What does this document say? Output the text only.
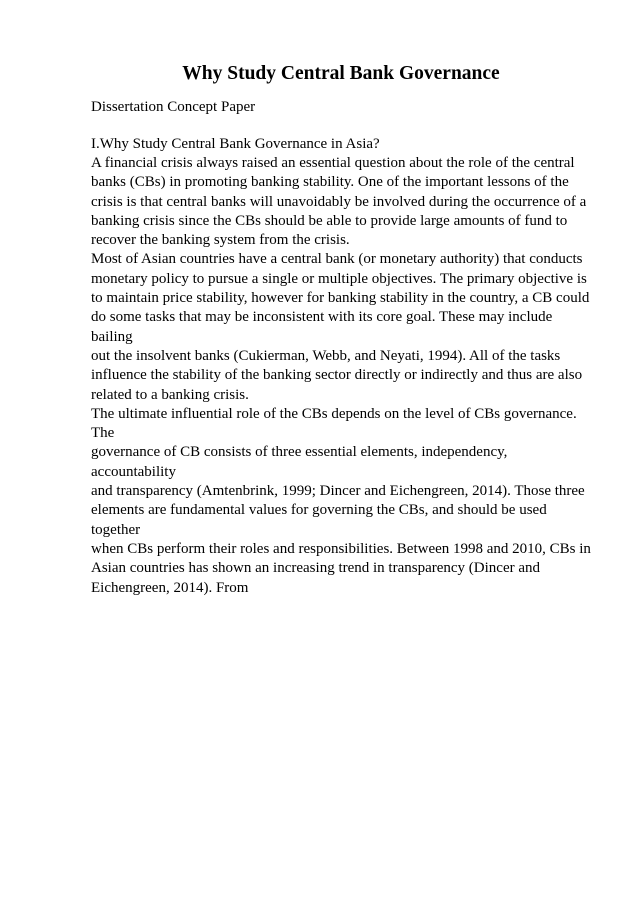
Why Study Central Bank Governance

Dissertation Concept Paper

I.Why Study Central Bank Governance in Asia?

A financial crisis always raised an essential question about the role of the central
banks (CBs) in promoting banking stability. One of the important lessons of the
crisis is that central banks will unavoidably be involved during the occurrence of a
banking crisis since the CBs should be able to provide large amounts of fund to
recover the banking system from the crisis.

Most of Asian countries have a central bank (or monetary authority) that conducts
monetary policy to pursue a single or multiple objectives. The primary objective is
to maintain price stability, however for banking stability in the country, a CB could
do some tasks that may be inconsistent with its core goal. These may include bailing
out the insolvent banks (Cukierman, Webb, and Neyati, 1994). All of the tasks
influence the stability of the banking sector directly or indirectly and thus are also
related to a banking crisis.

The ultimate influential role of the CBs depends on the level of CBs governance. The
governance of CB consists of three essential elements, independency, accountability
and transparency (Amtenbrink, 1999; Dincer and Eichengreen, 2014). Those three
elements are fundamental values for governing the CBs, and should be used together
when CBs perform their roles and responsibilities. Between 1998 and 2010, CBs in
Asian countries has shown an increasing trend in transparency (Dincer and
Eichengreen, 2014). From
